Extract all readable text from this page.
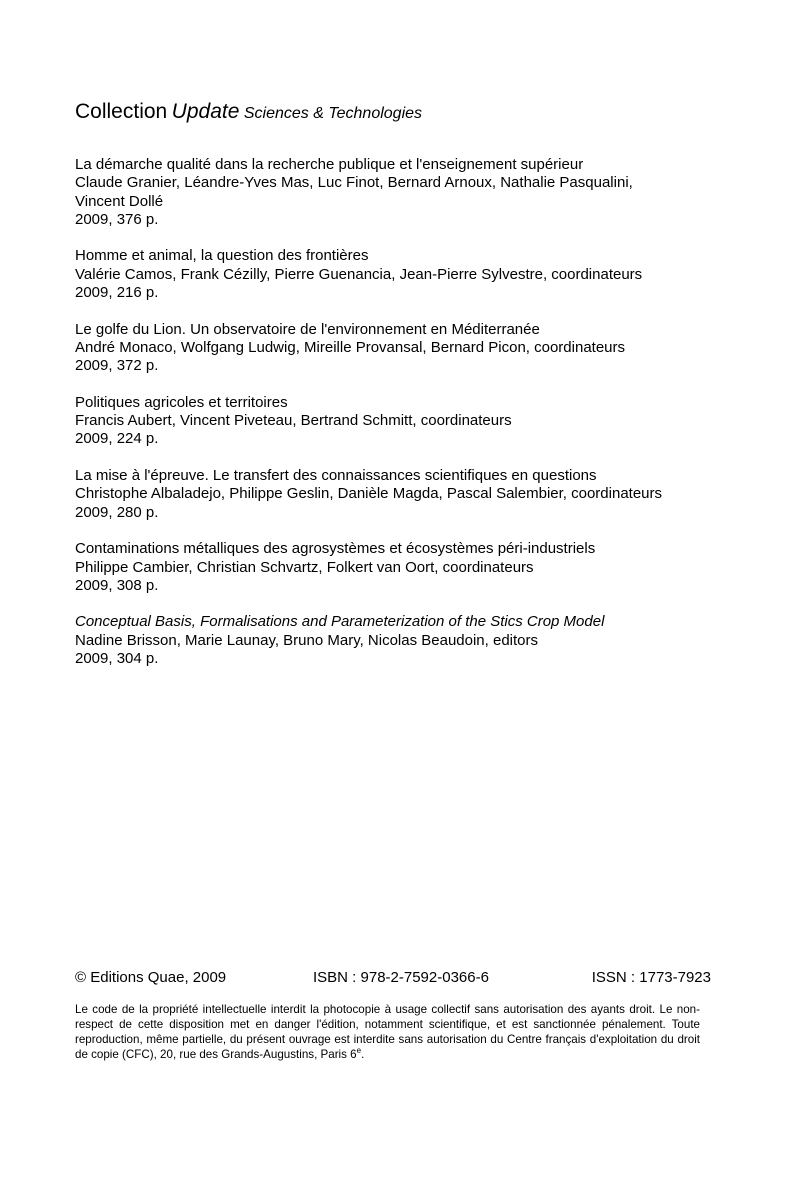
Collection Update Sciences & Technologies
La démarche qualité dans la recherche publique et l'enseignement supérieur
Claude Granier, Léandre-Yves Mas, Luc Finot, Bernard Arnoux, Nathalie Pasqualini,
Vincent Dollé
2009, 376 p.
Homme et animal, la question des frontières
Valérie Camos, Frank Cézilly, Pierre Guenancia, Jean-Pierre Sylvestre, coordinateurs
2009, 216 p.
Le golfe du Lion. Un observatoire de l'environnement en Méditerranée
André Monaco, Wolfgang Ludwig, Mireille Provansal, Bernard Picon, coordinateurs
2009, 372 p.
Politiques agricoles et territoires
Francis Aubert, Vincent Piveteau, Bertrand Schmitt, coordinateurs
2009, 224 p.
La mise à l'épreuve. Le transfert des connaissances scientifiques en questions
Christophe Albaladejo, Philippe Geslin, Danièle Magda, Pascal Salembier, coordinateurs
2009, 280 p.
Contaminations métalliques des agrosystèmes et écosystèmes péri-industriels
Philippe Cambier, Christian Schvartz, Folkert van Oort, coordinateurs
2009, 308 p.
Conceptual Basis, Formalisations and Parameterization of the Stics Crop Model
Nadine Brisson, Marie Launay, Bruno Mary, Nicolas Beaudoin, editors
2009, 304 p.
© Editions Quae, 2009	ISBN : 978-2-7592-0366-6	ISSN : 1773-7923
Le code de la propriété intellectuelle interdit la photocopie à usage collectif sans autorisation des ayants droit. Le non-respect de cette disposition met en danger l'édition, notamment scientifique, et est sanctionnée pénalement. Toute reproduction, même partielle, du présent ouvrage est interdite sans autorisation du Centre français d'exploitation du droit de copie (CFC), 20, rue des Grands-Augustins, Paris 6e.
